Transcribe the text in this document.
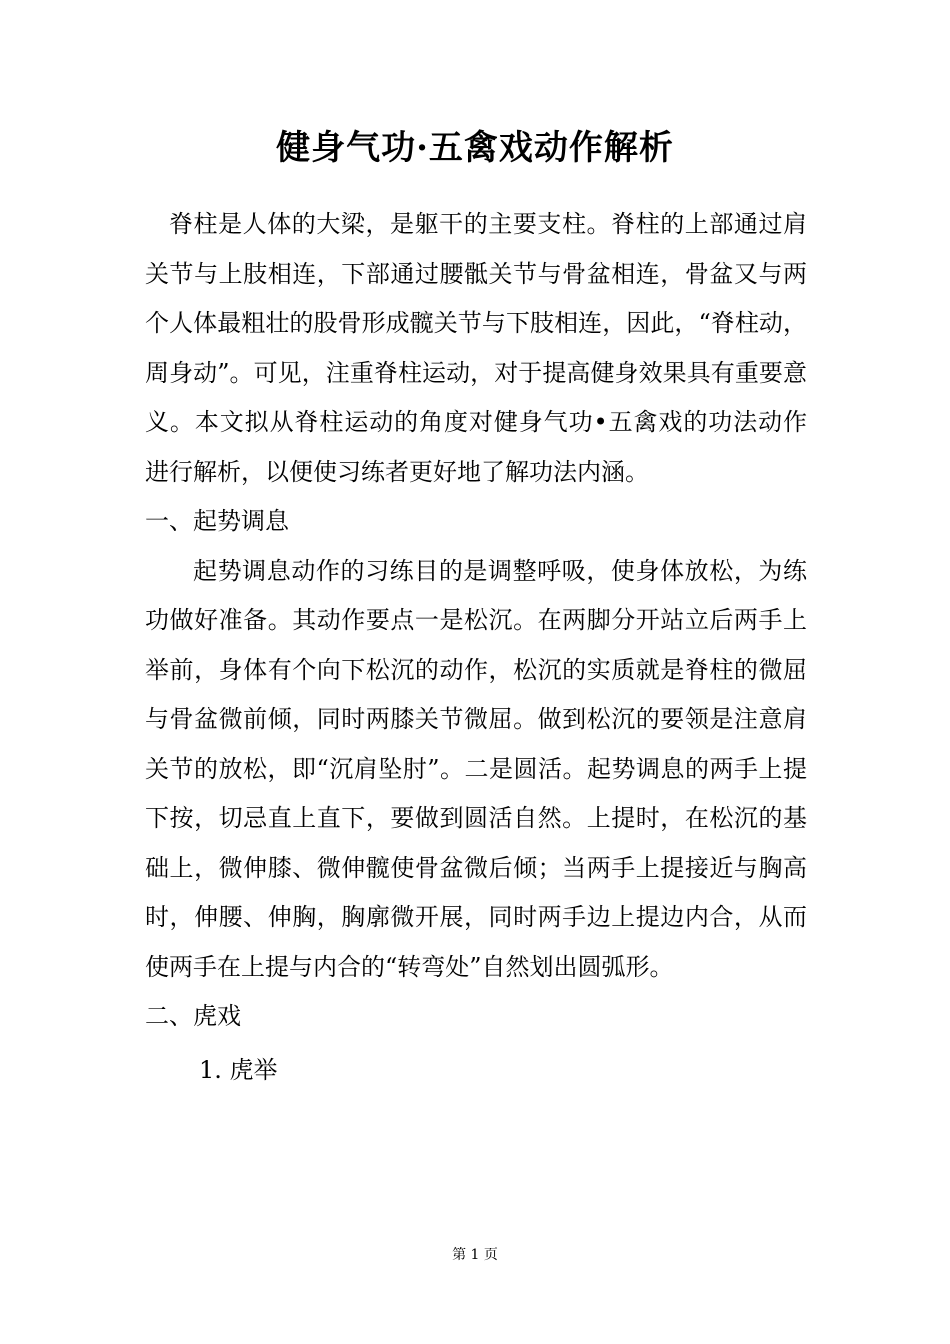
健身气功·五禽戏动作解析

脊柱是人体的大梁，是躯干的主要支柱。脊柱的上部通过肩关节与上肢相连，下部通过腰骶关节与骨盆相连，骨盆又与两个人体最粗壮的股骨形成髋关节与下肢相连，因此，“脊柱动，周身动”。可见，注重脊柱运动，对于提高健身效果具有重要意义。本文拟从脊柱运动的角度对健身气功•五禽戏的功法动作进行解析，以便使习练者更好地了解功法内涵。

一、起势调息

起势调息动作的习练目的是调整呼吸，使身体放松，为练功做好准备。其动作要点一是松沉。在两脚分开站立后两手上举前，身体有个向下松沉的动作，松沉的实质就是脊柱的微屈与骨盆微前倾，同时两膝关节微屈。做到松沉的要领是注意肩关节的放松，即“沉肩坠肘”。二是圆活。起势调息的两手上提下按，切忌直上直下，要做到圆活自然。上提时，在松沉的基础上，微伸膝、微伸髋使骨盆微后倾；当两手上提接近与胸高时，伸腰、伸胸，胸廓微开展，同时两手边上提边内合，从而使两手在上提与内合的“转弯处”自然划出圆弧形。

二、虎戏

1. 虎举

第 1 页
